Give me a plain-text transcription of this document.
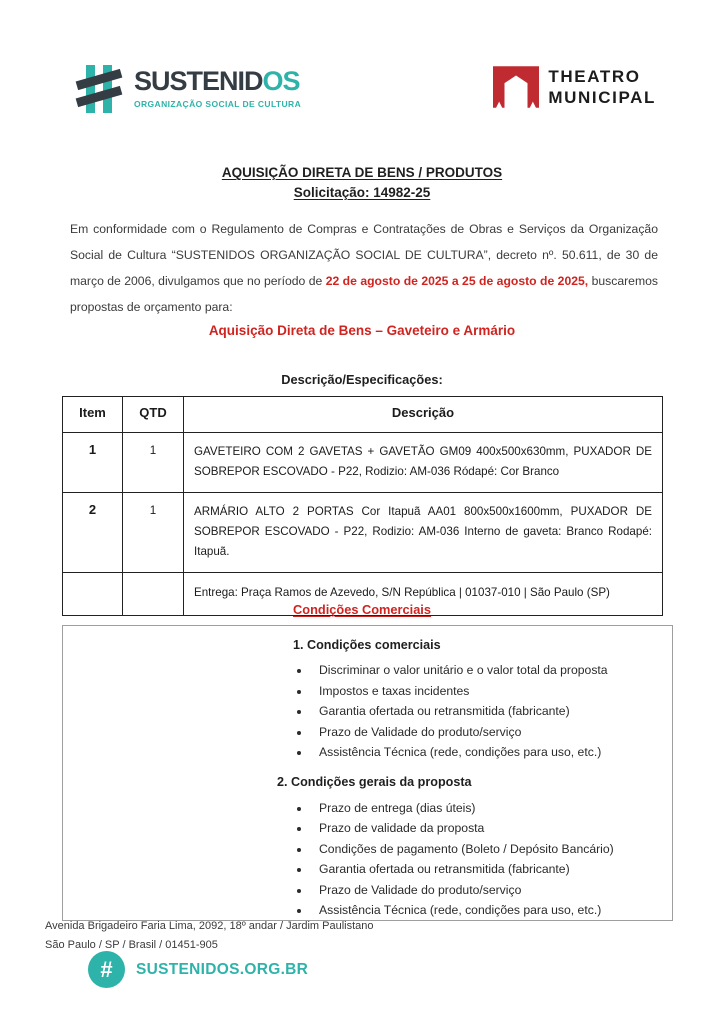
SUSTENIDOS
ORGANIZAÇÃO SOCIAL DE CULTURA
THEATRO
MUNICIPAL
AQUISIÇÃO DIRETA DE BENS / PRODUTOS
Solicitação: 14982-25

Em conformidade com o Regulamento de Compras e Contratações de Obras e Serviços da Organização Social de Cultura “SUSTENIDOS ORGANIZAÇÃO SOCIAL DE CULTURA”, decreto nº. 50.611, de 30 de março de 2006, divulgamos que no período de 22 de agosto de 2025 a 25 de agosto de 2025, buscaremos propostas de orçamento para:

Aquisição Direta de Bens – Gaveteiro e Armário
Descrição/Especificações:
Item	QTD	Descrição
1	1	GAVETEIRO COM 2 GAVETAS + GAVETÃO GM09 400x500x630mm, PUXADOR DE SOBREPOR ESCOVADO - P22, Rodizio: AM-036 Ródapé: Cor Branco
2	1	ARMÁRIO ALTO 2 PORTAS Cor Itapuã AA01 800x500x1600mm, PUXADOR DE SOBREPOR ESCOVADO - P22, Rodizio: AM-036 Interno de gaveta: Branco Rodapé: Itapuã.
		Entrega: Praça Ramos de Azevedo, S/N República | 01037-010 | São Paulo (SP)
Condições Comerciais
1. Condições comerciais
• Discriminar o valor unitário e o valor total da proposta
• Impostos e taxas incidentes
• Garantia ofertada ou retransmitida (fabricante)
• Prazo de Validade do produto/serviço
• Assistência Técnica (rede, condições para uso, etc.)
2. Condições gerais da proposta
• Prazo de entrega (dias úteis)
• Prazo de validade da proposta
• Condições de pagamento (Boleto / Depósito Bancário)
• Garantia ofertada ou retransmitida (fabricante)
• Prazo de Validade do produto/serviço
• Assistência Técnica (rede, condições para uso, etc.)
Avenida Brigadeiro Faria Lima, 2092, 18º andar / Jardim Paulistano
São Paulo / SP / Brasil / 01451-905
#	SUSTENIDOS.ORG.BR
